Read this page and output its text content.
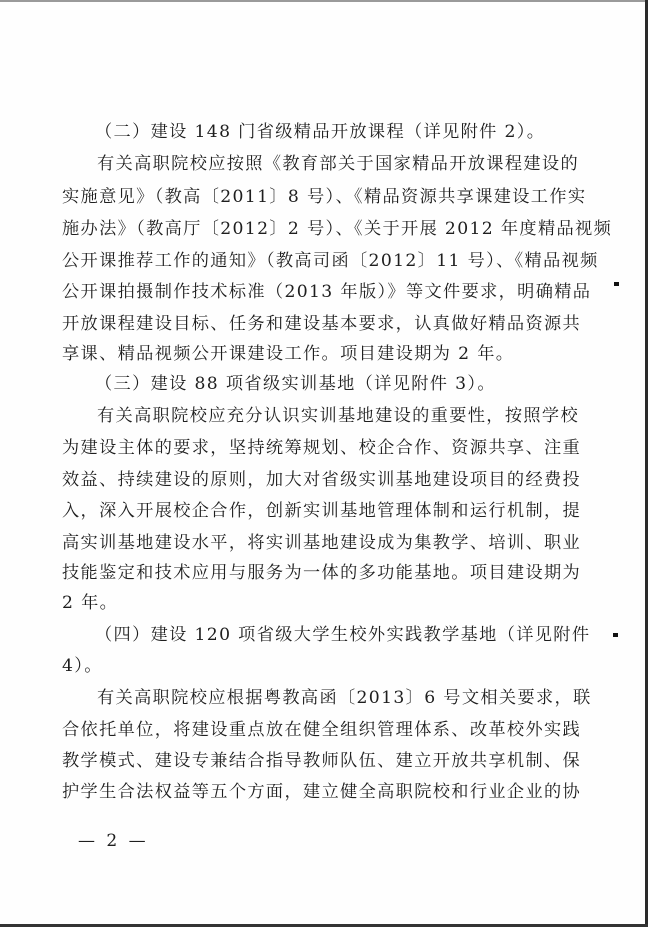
（二）建设 148 门省级精品开放课程（详见附件 2）。
有关高职院校应按照《教育部关于国家精品开放课程建设的
实施意见》（教高〔2011〕8 号）、《精品资源共享课建设工作实
施办法》（教高厅〔2012〕2 号）、《关于开展 2012 年度精品视频
公开课推荐工作的通知》（教高司函〔2012〕11 号）、《精品视频
公开课拍摄制作技术标准（2013 年版）》等文件要求，明确精品
开放课程建设目标、任务和建设基本要求，认真做好精品资源共
享课、精品视频公开课建设工作。项目建设期为 2 年。
（三）建设 88 项省级实训基地（详见附件 3）。
有关高职院校应充分认识实训基地建设的重要性，按照学校
为建设主体的要求，坚持统筹规划、校企合作、资源共享、注重
效益、持续建设的原则，加大对省级实训基地建设项目的经费投
入，深入开展校企合作，创新实训基地管理体制和运行机制，提
高实训基地建设水平，将实训基地建设成为集教学、培训、职业
技能鉴定和技术应用与服务为一体的多功能基地。项目建设期为
2 年。
（四）建设 120 项省级大学生校外实践教学基地（详见附件
4）。
有关高职院校应根据粤教高函〔2013〕6 号文相关要求，联
合依托单位，将建设重点放在健全组织管理体系、改革校外实践
教学模式、建设专兼结合指导教师队伍、建立开放共享机制、保
护学生合法权益等五个方面，建立健全高职院校和行业企业的协
— 2 —
